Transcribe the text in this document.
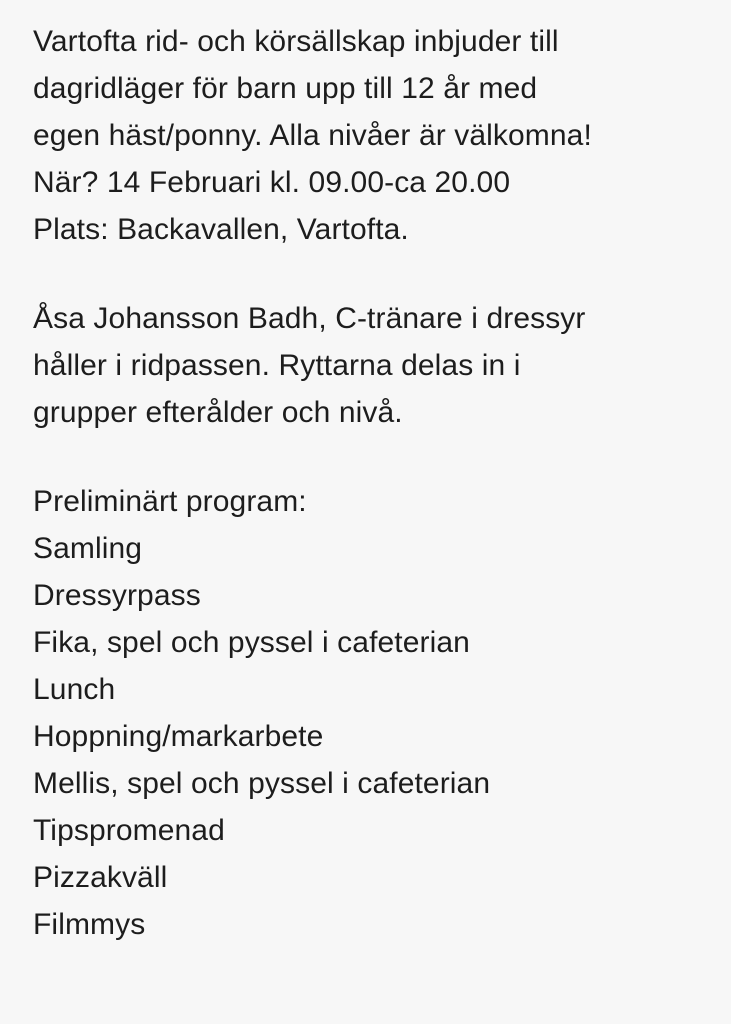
Vartofta rid- och körsällskap inbjuder till
dagridläger för barn upp till 12 år med
egen häst/ponny. Alla nivåer är välkomna!
När? 14 Februari kl. 09.00-ca 20.00
Plats: Backavallen, Vartofta.
Åsa Johansson Badh, C-tränare i dressyr
håller i ridpassen. Ryttarna delas in i
grupper efterålder och nivå.
Preliminärt program:
Samling
Dressyrpass
Fika, spel och pyssel i cafeterian
Lunch
Hoppning/markarbete
Mellis, spel och pyssel i cafeterian
Tipspromenad
Pizzakväll
Filmmys
